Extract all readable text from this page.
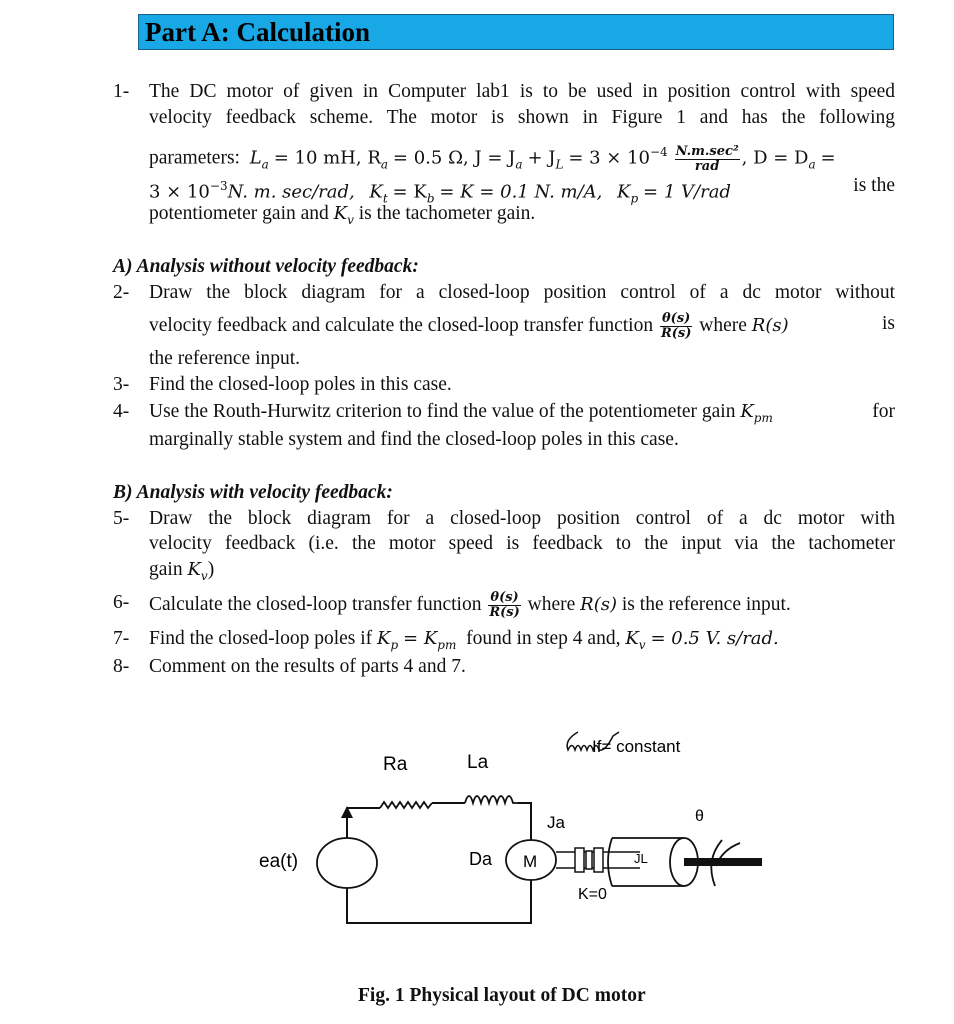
Part A: Calculation
1- The DC motor of given in Computer lab1 is to be used in position control with speed
velocity feedback scheme. The motor is shown in Figure 1 and has the following
parameters: $L_a = 10$ mH, $R_a = 0.5$ Ω, $J = J_a + J_L = 3 \times 10^{-4} \frac{\text{N.m.sec²}}{\text{rad}}$ , $D = D_a$ =
$3 \times 10^{-3}N$. m. sec/rad, $K_t = K_b = K = 0.1$ N. m/A, $K_p = 1$ V/rad	is the
potentiometer gain and $K_v$ is the tachometer gain.
A) Analysis without velocity feedback:
2- Draw the block diagram for a closed-loop position control of a dc motor without
velocity feedback and calculate the closed-loop transfer function $\frac{\theta(s)}{R(s)}$ where R(s)	is
the reference input.
3- Find the closed-loop poles in this case.
4- Use the Routh-Hurwitz criterion to find the value of the potentiometer gain $K_{pm}$	for
marginally stable system and find the closed-loop poles in this case.
B) Analysis with velocity feedback:
5- Draw the block diagram for a closed-loop position control of a dc motor with
velocity feedback (i.e. the motor speed is feedback to the input via the tachometer
gain $K_v$)
6- Calculate the closed-loop transfer function $\frac{\theta(s)}{R(s)}$ where R(s) is the reference input.
7- Find the closed-loop poles if $K_p = K_{pm}$ found in step 4 and, $K_v = 0.5$ V. s/rad.
8- Comment on the results of parts 4 and 7.
Ra	La
If= constant
Ja	θ
Da M	JL
K=0
ea(t)
Fig. 1 Physical layout of DC motor
